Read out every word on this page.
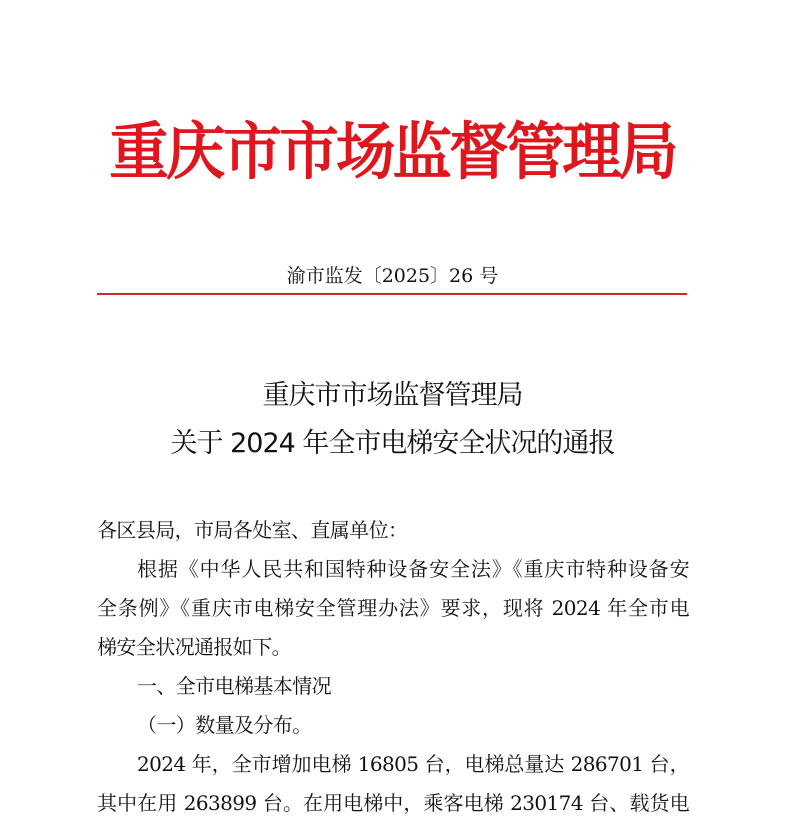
重庆市市场监督管理局
渝市监发〔2025〕26 号
重庆市市场监督管理局
关于 2024 年全市电梯安全状况的通报
各区县局，市局各处室、直属单位：
根据《中华人民共和国特种设备安全法》《重庆市特种设备安
全条例》《重庆市电梯安全管理办法》要求，现将 2024 年全市电
梯安全状况通报如下。
一、全市电梯基本情况
（一）数量及分布。
2024 年，全市增加电梯 16805 台，电梯总量达 286701 台，
其中在用 263899 台。在用电梯中，乘客电梯 230174 台、载货电
